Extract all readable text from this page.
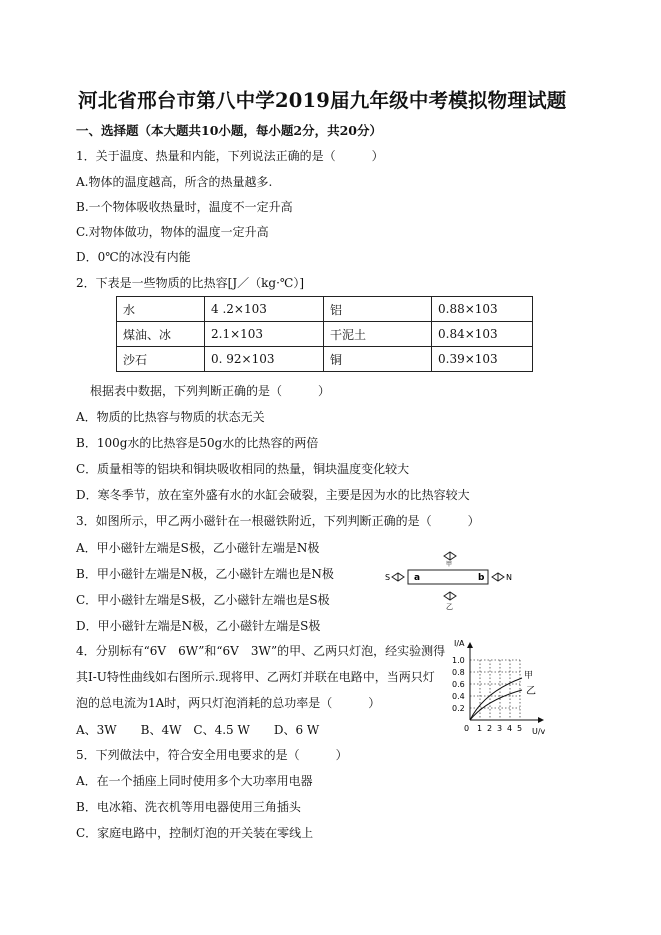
河北省邢台市第八中学2019届九年级中考模拟物理试题
一、选择题（本大题共10小题，每小题2分，共20分）
1．关于温度、热量和内能，下列说法正确的是（　　　）
A.物体的温度越高，所含的热量越多.
B.一个物体吸收热量时，温度不一定升高
C.对物体做功，物体的温度一定升高
D．0℃的冰没有内能
2．下表是一些物质的比热容[J／（kg·℃）]
水	4 .2×103	铝	0.88×103
煤油、冰	2.1×103	干泥土	0.84×103
沙石	0. 92×103	铜	0.39×103
根据表中数据，下列判断正确的是（　　　）
A．物质的比热容与物质的状态无关
B．100g水的比热容是50g水的比热容的两倍
C．质量相等的铝块和铜块吸收相同的热量，铜块温度变化较大
D．寒冬季节，放在室外盛有水的水缸会破裂，主要是因为水的比热容较大
3．如图所示，甲乙两小磁针在一根磁铁附近，下列判断正确的是（　　　）
A．甲小磁针左端是S极，乙小磁针左端是N极
B．甲小磁针左端是N极，乙小磁针左端也是N极
C．甲小磁针左端是S极，乙小磁针左端也是S极
D．甲小磁针左端是N极，乙小磁针左端是S极
甲
S	a	b	N
乙
4．分别标有“6V　6W”和“6V　3W”的甲、乙两只灯泡，经实验测得
其I-U特性曲线如右图所示.现将甲、乙两灯并联在电路中，当两只灯
泡的总电流为1A时，两只灯泡消耗的总功率是（　　　）
A、3W　　B、4W　C、4.5 W　　D、6 W
I/A
1.0
0.8
0.6
0.4
0.2
0 1 2 3 4 5 U/v
甲
乙
5．下列做法中，符合安全用电要求的是（　　　）
A．在一个插座上同时使用多个大功率用电器
B．电冰箱、洗衣机等用电器使用三角插头
C．家庭电路中，控制灯泡的开关装在零线上
